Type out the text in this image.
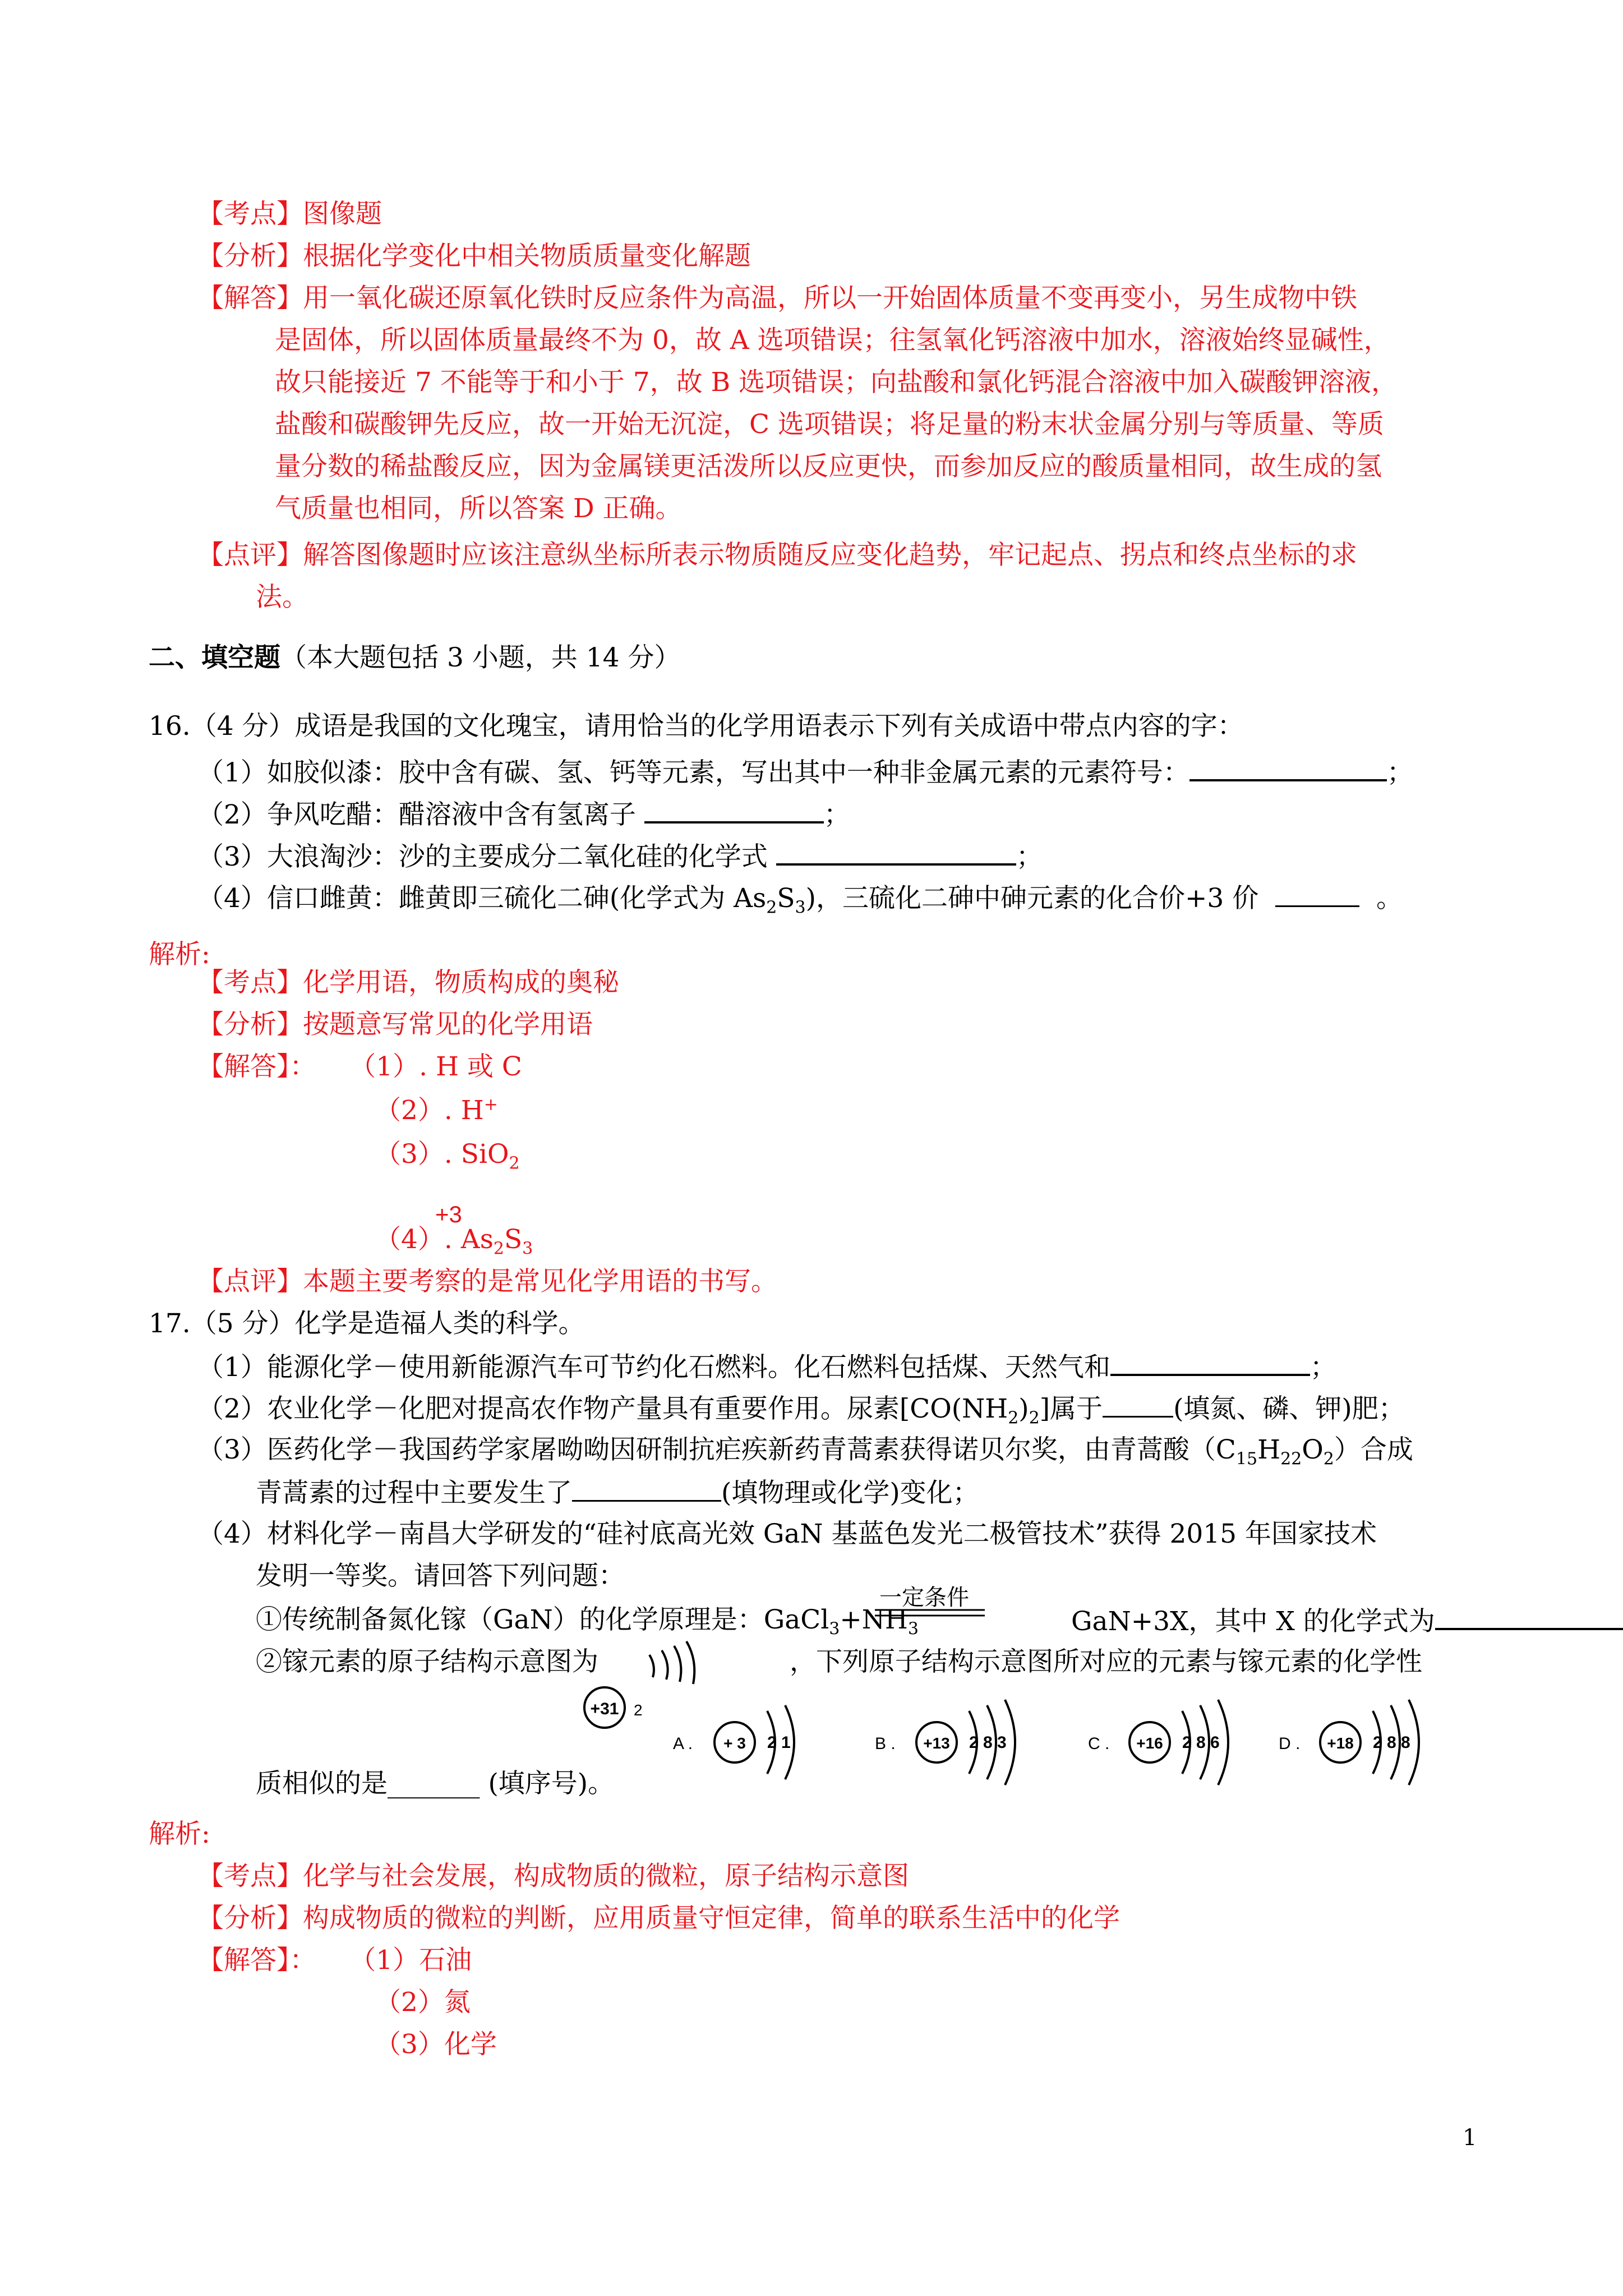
【考点】图像题
【分析】根据化学变化中相关物质质量变化解题
【解答】用一氧化碳还原氧化铁时反应条件为高温，所以一开始固体质量不变再变小，另生成物中铁
是固体，所以固体质量最终不为 0，故 A 选项错误；往氢氧化钙溶液中加水，溶液始终显碱性，
故只能接近 7 不能等于和小于 7，故 B 选项错误；向盐酸和氯化钙混合溶液中加入碳酸钾溶液，
盐酸和碳酸钾先反应，故一开始无沉淀，C 选项错误；将足量的粉末状金属分别与等质量、等质
量分数的稀盐酸反应，因为金属镁更活泼所以反应更快，而参加反应的酸质量相同，故生成的氢
气质量也相同，所以答案 D 正确。
【点评】解答图像题时应该注意纵坐标所表示物质随反应变化趋势，牢记起点、拐点和终点坐标的求
法。
二、填空题（本大题包括 3 小题，共 14 分）
16.（4 分）成语是我国的文化瑰宝，请用恰当的化学用语表示下列有关成语中带点内容的字：
（1）如胶似漆：胶中含有碳、氢、钙等元素，写出其中一种非金属元素的元素符号：	；
（2）争风吃醋：醋溶液中含有氢离子	；
（3）大浪淘沙：沙的主要成分二氧化硅的化学式	；
（4）信口雌黄：雌黄即三硫化二砷(化学式为 $As_2S_3$)，三硫化二砷中砷元素的化合价+3 价	。
解析:
【考点】化学用语，物质构成的奥秘
【分析】按题意写常见的化学用语
【解答】： （1）. H 或 C
（2）. H+
（3）. SiO$_2$
+3
（4）. $As_2S_3$
【点评】本题主要考察的是常见化学用语的书写。
17.（5 分）化学是造福人类的科学。
（1）能源化学－使用新能源汽车可节约化石燃料。化石燃料包括煤、天然气和	；
（2）农业化学－化肥对提高农作物产量具有重要作用。尿素$[CO(NH_2)_2]$属于	(填氮、磷、钾)肥；
（3）医药化学－我国药学家屠呦呦因研制抗疟疾新药青蒿素获得诺贝尔奖，由青蒿酸$(C_{15}H_{22}O_2)$合成
青蒿素的过程中主要发生了	(填物理或化学)变化；
（4）材料化学－南昌大学研发的“硅衬底高光效 GaN 基蓝色发光二极管技术”获得 2015 年国家技术
发明一等奖。请回答下列问题：
①传统制备氮化镓（GaN）的化学原理是：$GaCl_3+NH_3$
一定条件
GaN+3X，其中 X 的化学式为
②镓元素的原子结构示意图为	，下列原子结构示意图所对应的元素与镓元素的化学性
+31 2
A . + 3 2 1	B . +13 2 8 3	C . +16 2 8 6	D . +18 2 8 8
质相似的是_______ (填序号)。
解析:
【考点】化学与社会发展，构成物质的微粒，原子结构示意图
【分析】构成物质的微粒的判断，应用质量守恒定律，简单的联系生活中的化学
【解答】： （1）石油
（2）氮
（3）化学
1
